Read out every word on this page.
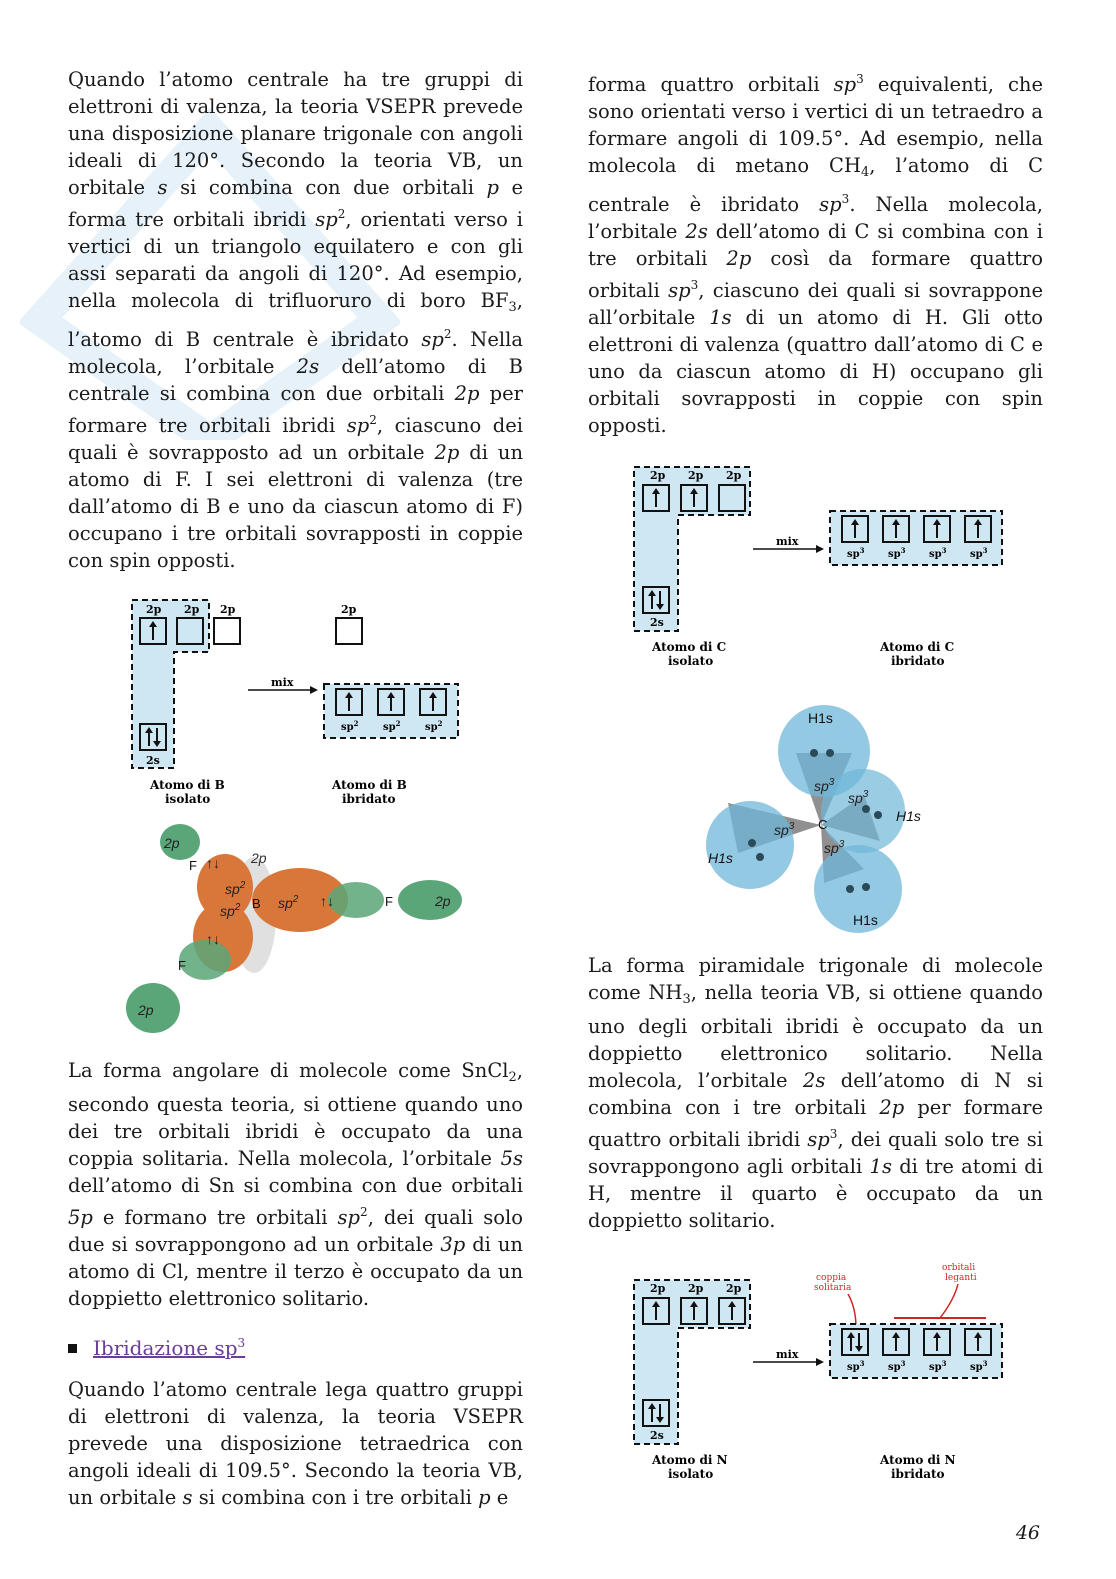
Quando l’atomo centrale ha tre gruppi di elettroni di valenza, la teoria VSEPR prevede una disposizione planare trigonale con angoli ideali di 120°. Secondo la teoria VB, un orbitale s si combina con due orbitali p e forma tre orbitali ibridi $sp^2$, orientati verso i vertici di un triangolo equilatero e con gli assi separati da angoli di 120°. Ad esempio, nella molecola di trifluoruro di boro $BF_3$, l’atomo di B centrale è ibridato $sp^2$. Nella molecola, l’orbitale 2s dell’atomo di B centrale si combina con due orbitali 2p per formare tre orbitali ibridi $sp^2$, ciascuno dei quali è sovrapposto ad un orbitale 2p di un atomo di F. I sei elettroni di valenza (tre dall’atomo di B e uno da ciascun atomo di F) occupano i tre orbitali sovrapposti in coppie con spin opposti.

2p 2p 2p
2s
2p
mix
$sp^2$ $sp^2$ $sp^2$
Atomo di B
isolato
Atomo di B
ibridato
2p
F	2p
↑↓
↑↓
↑↓
$sp^2$
$sp^2$	$sp^2$
B	F	2p
F
2p

La forma angolare di molecole come SnCl$_2$, secondo questa teoria, si ottiene quando uno dei tre orbitali ibridi è occupato da una coppia solitaria. Nella molecola, l’orbitale 5s dell’atomo di Sn si combina con due orbitali 5p e formano tre orbitali $sp^2$, dei quali solo due si sovrappongono ad un orbitale 3p di un atomo di Cl, mentre il terzo è occupato da un doppietto elettronico solitario.

Ibridazione $sp^3$

Quando l’atomo centrale lega quattro gruppi di elettroni di valenza, la teoria VSEPR prevede una disposizione tetraedrica con angoli ideali di 109.5°. Secondo la teoria VB, un orbitale s si combina con i tre orbitali p e

forma quattro orbitali $sp^3$ equivalenti, che sono orientati verso i vertici di un tetraedro a formare angoli di 109.5°. Ad esempio, nella molecola di metano $CH_4$, l’atomo di C centrale è ibridato $sp^3$. Nella molecola, l’orbitale 2s dell’atomo di C si combina con i tre orbitali 2p così da formare quattro orbitali $sp^3$, ciascuno dei quali si sovrappone all’orbitale 1s di un atomo di H. Gli otto elettroni di valenza (quattro dall’atomo di C e uno da ciascun atomo di H) occupano gli orbitali sovrapposti in coppie con spin opposti.

2p 2p 2p
2s
mix
$sp^3$ $sp^3$ $sp^3$ $sp^3$
Atomo di C
isolato
Atomo di C
ibridato
H1s
H1s
H1s
H1s
C
$sp^3$
$sp^3$
$sp^3$
$sp^3$

La forma piramidale trigonale di molecole come $NH_3$, nella teoria VB, si ottiene quando uno degli orbitali ibridi è occupato da un doppietto elettronico solitario. Nella molecola, l’orbitale 2s dell’atomo di N si combina con i tre orbitali 2p per formare quattro orbitali ibridi $sp^3$, dei quali solo tre si sovrappongono agli orbitali 1s di tre atomi di H, mentre il quarto è occupato da un doppietto solitario.

2p 2p 2p
2s
coppia
solitaria
orbitali
leganti
mix
$sp^3$ $sp^3$ $sp^3$ $sp^3$
Atomo di N
isolato
Atomo di N
ibridato
46
